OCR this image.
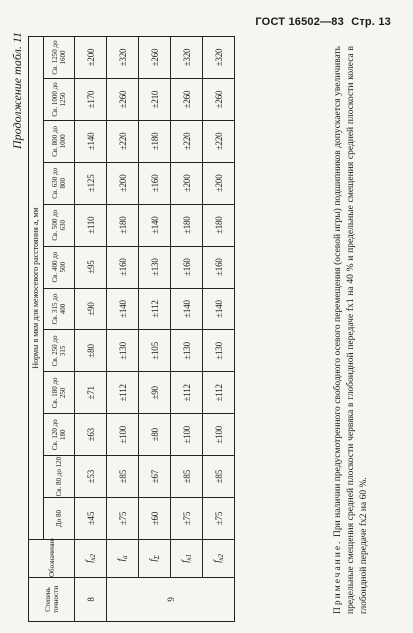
ГОСТ 16502—83 Стр. 13
Продолжение табл. 11
Степень точности	Обозначение	Нормы в мкм для межосевого расстояния a, мм											
		До 80	Св. 80 до 120	Св. 120 до 180	Св. 180 до 250	Св. 250 до 315	Св. 315 до 400	Св. 400 до 500	Св. 500 до 630	Св. 630 до 800	Св. 800 до 1000	Св. 1000 до 1250	Св. 1250 до 1600
8	$f_{x2}$	±45	±53	±63	±71	±80	±90	±95	±110	±125	±140	±170	±200
9	$f_a$	±75	±85	±100	±112	±130	±140	±160	±180	±200	±220	±260	±320
	$f_\Sigma$	±60	±67	±80	±90	±105	±112	±130	±140	±160	±180	±210	±260
	$f_{x1}$	±75	±85	±100	±112	±130	±140	±160	±180	±200	±220	±260	±320
	$f_{x2}$	±75	±85	±100	±112	±130	±140	±160	±180	±200	±220	±260	±320
Примечание. При наличии предусмотренного свободного осевого перемещения (осевой игры) подшипников допускается увеличивать предельные смещения средней плоскости червяка в глобоидной передаче fx1 на 40 % и предельные смещения средней плоскости колеса в глобоидной передаче fx2 на 60 %.
